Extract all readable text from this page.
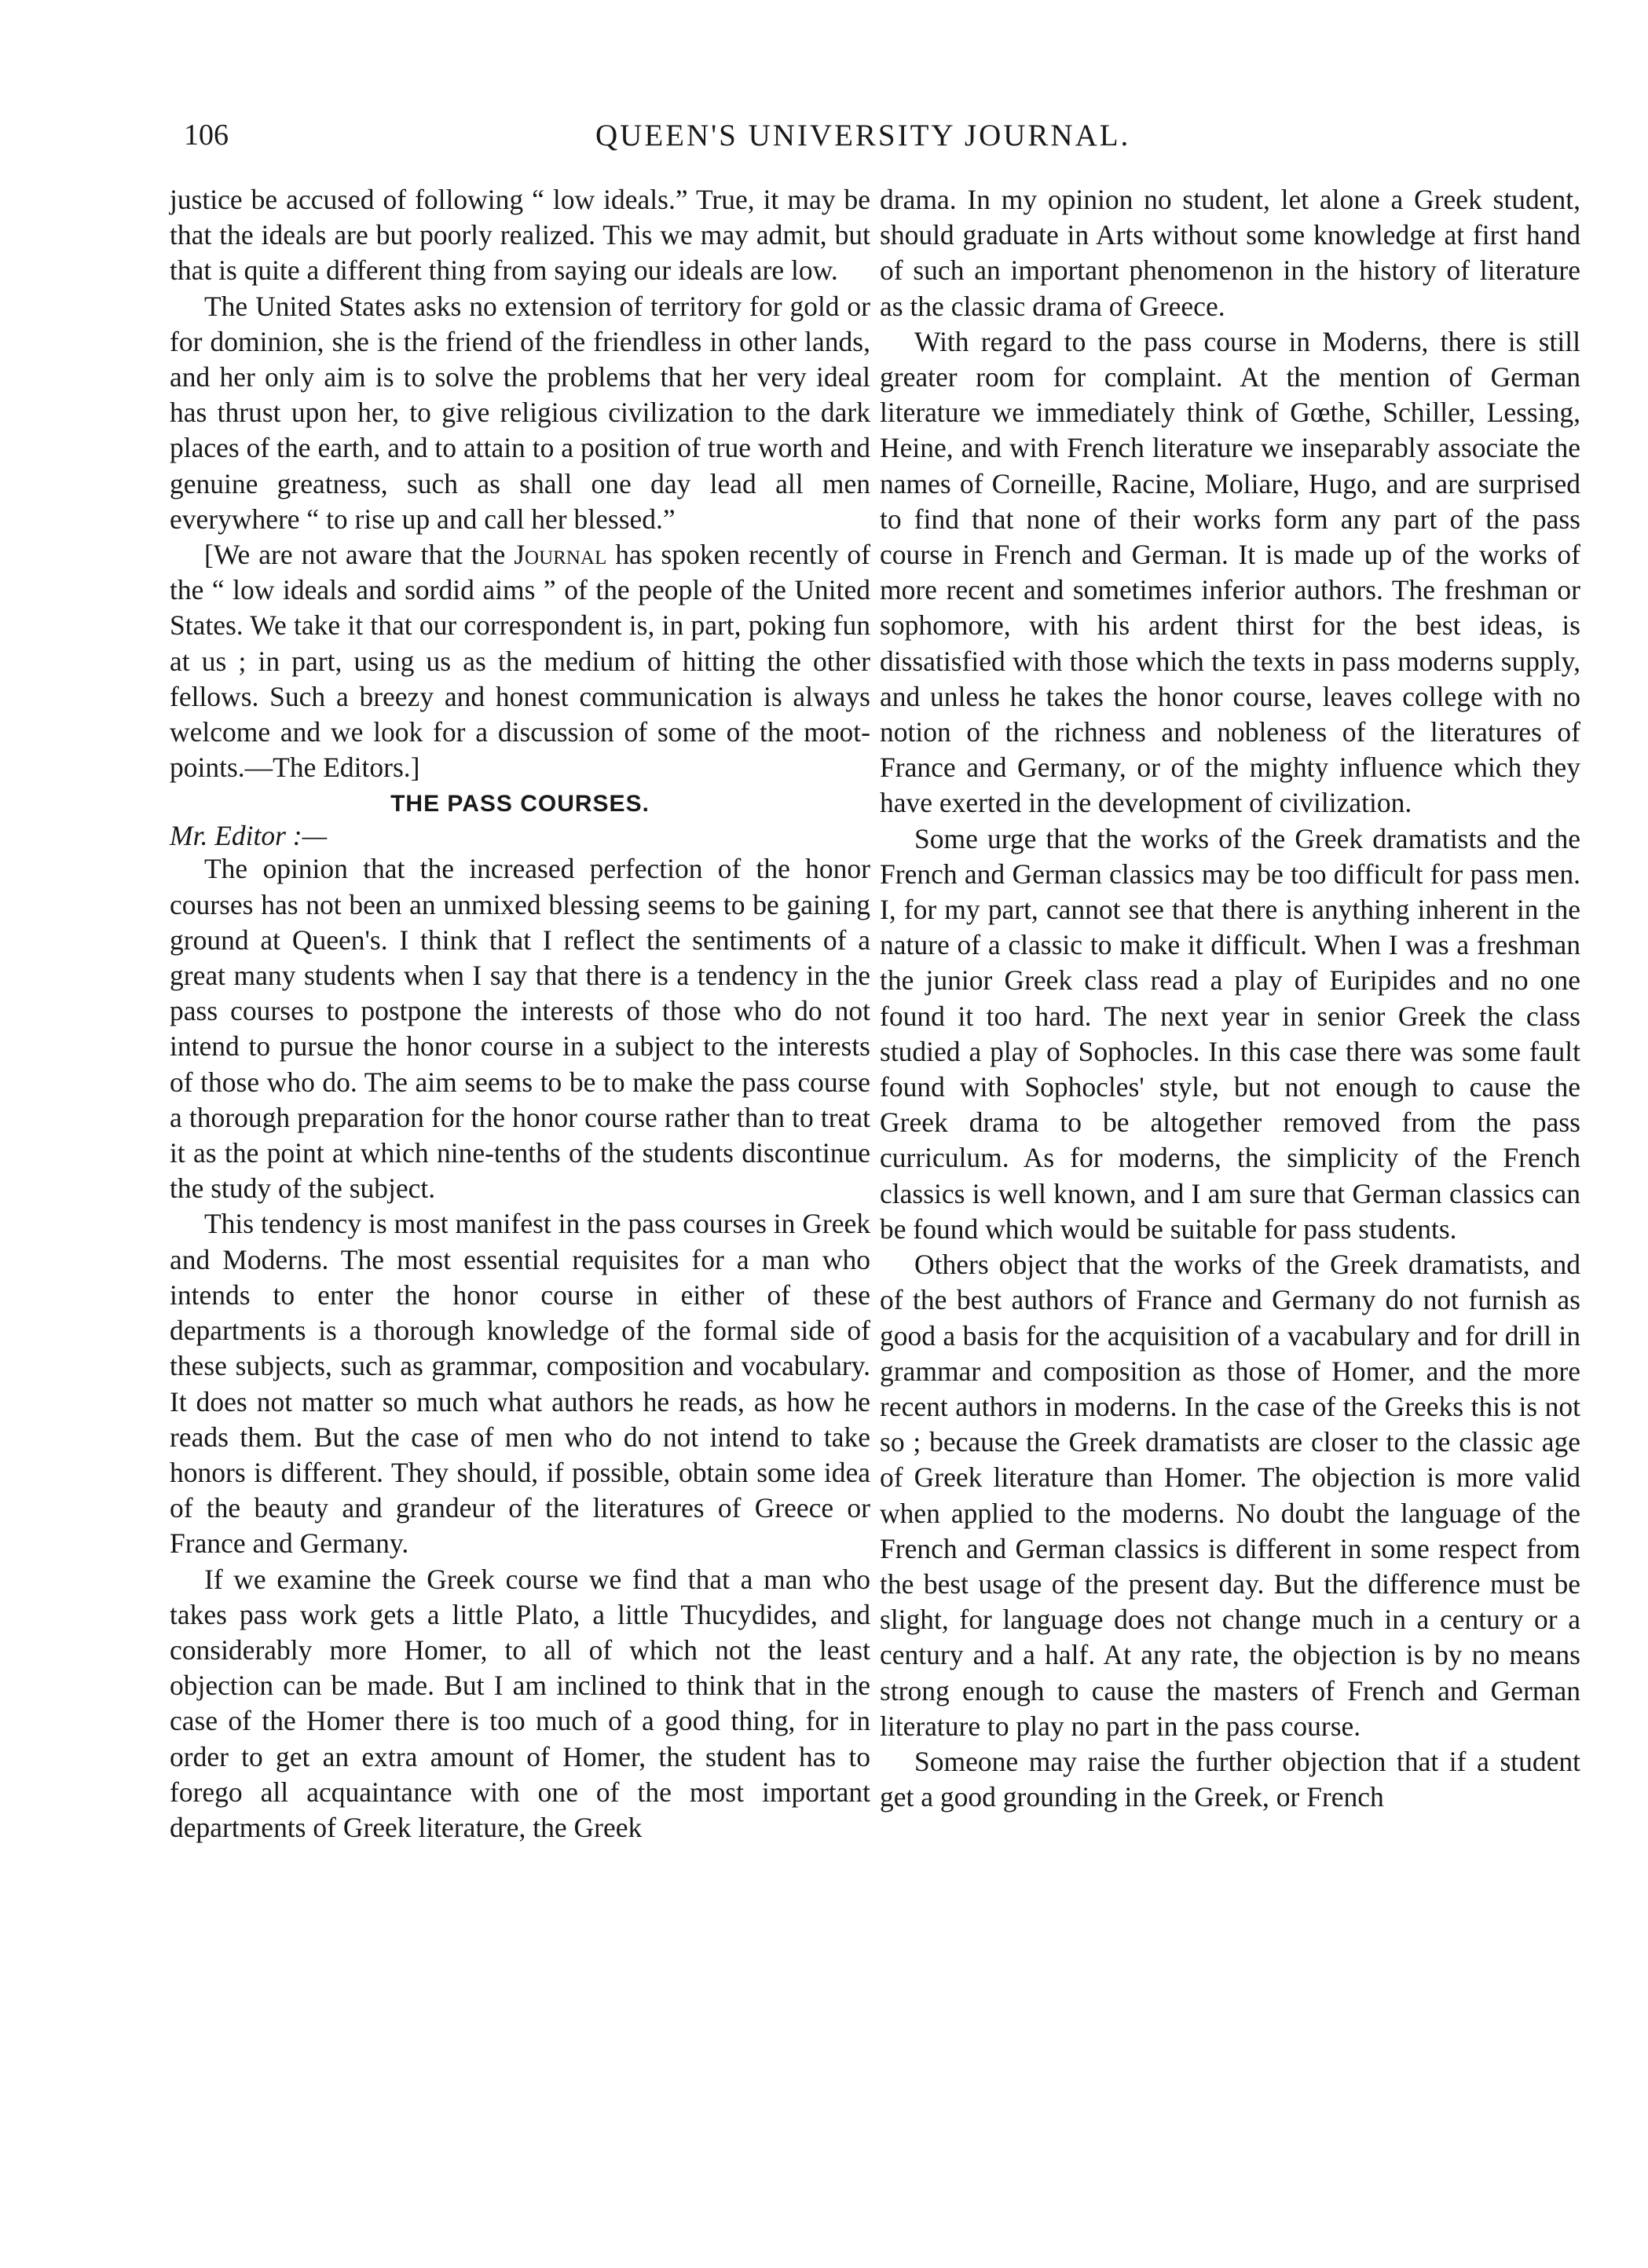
106	QUEEN'S UNIVERSITY JOURNAL.

justice be accused of following “ low ideals.” True, it may be that the ideals are but poorly realized. This we may admit, but that is quite a different thing from saying our ideals are low.

The United States asks no extension of territory for gold or for dominion, she is the friend of the friendless in other lands, and her only aim is to solve the problems that her very ideal has thrust upon her, to give religious civilization to the dark places of the earth, and to attain to a position of true worth and genuine greatness, such as shall one day lead all men everywhere “ to rise up and call her blessed.”

[We are not aware that the Journal has spoken recently of the “ low ideals and sordid aims ” of the people of the United States. We take it that our correspondent is, in part, poking fun at us ; in part, using us as the medium of hitting the other fellows. Such a breezy and honest communication is always welcome and we look for a discussion of some of the moot-points.—The Editors.]

THE PASS COURSES.
Mr. Editor :—

The opinion that the increased perfection of the honor courses has not been an unmixed blessing seems to be gaining ground at Queen's. I think that I reflect the sentiments of a great many students when I say that there is a tendency in the pass courses to postpone the interests of those who do not intend to pursue the honor course in a subject to the interests of those who do. The aim seems to be to make the pass course a thorough preparation for the honor course rather than to treat it as the point at which nine-tenths of the students discontinue the study of the subject.

This tendency is most manifest in the pass courses in Greek and Moderns. The most essential requisites for a man who intends to enter the honor course in either of these departments is a thorough knowledge of the formal side of these subjects, such as grammar, composition and vocabulary. It does not matter so much what authors he reads, as how he reads them. But the case of men who do not intend to take honors is different. They should, if possible, obtain some idea of the beauty and grandeur of the literatures of Greece or France and Germany.

If we examine the Greek course we find that a man who takes pass work gets a little Plato, a little Thucydides, and considerably more Homer, to all of which not the least objection can be made. But I am inclined to think that in the case of the Homer there is too much of a good thing, for in order to get an extra amount of Homer, the student has to forego all acquaintance with one of the most important departments of Greek literature, the Greek

drama. In my opinion no student, let alone a Greek student, should graduate in Arts without some knowledge at first hand of such an important phenomenon in the history of literature as the classic drama of Greece.

With regard to the pass course in Moderns, there is still greater room for complaint. At the mention of German literature we immediately think of Gœthe, Schiller, Lessing, Heine, and with French literature we inseparably associate the names of Corneille, Racine, Moliare, Hugo, and are surprised to find that none of their works form any part of the pass course in French and German. It is made up of the works of more recent and sometimes inferior authors. The freshman or sophomore, with his ardent thirst for the best ideas, is dissatisfied with those which the texts in pass moderns supply, and unless he takes the honor course, leaves college with no notion of the richness and nobleness of the literatures of France and Germany, or of the mighty influence which they have exerted in the development of civilization.

Some urge that the works of the Greek dramatists and the French and German classics may be too difficult for pass men. I, for my part, cannot see that there is anything inherent in the nature of a classic to make it difficult. When I was a freshman the junior Greek class read a play of Euripides and no one found it too hard. The next year in senior Greek the class studied a play of Sophocles. In this case there was some fault found with Sophocles' style, but not enough to cause the Greek drama to be altogether removed from the pass curriculum. As for moderns, the simplicity of the French classics is well known, and I am sure that German classics can be found which would be suitable for pass students.

Others object that the works of the Greek dramatists, and of the best authors of France and Germany do not furnish as good a basis for the acquisition of a vacabulary and for drill in grammar and composition as those of Homer, and the more recent authors in moderns. In the case of the Greeks this is not so ; because the Greek dramatists are closer to the classic age of Greek literature than Homer. The objection is more valid when applied to the moderns. No doubt the language of the French and German classics is different in some respect from the best usage of the present day. But the difference must be slight, for language does not change much in a century or a century and a half. At any rate, the objection is by no means strong enough to cause the masters of French and German literature to play no part in the pass course.

Someone may raise the further objection that if a student get a good grounding in the Greek, or French
